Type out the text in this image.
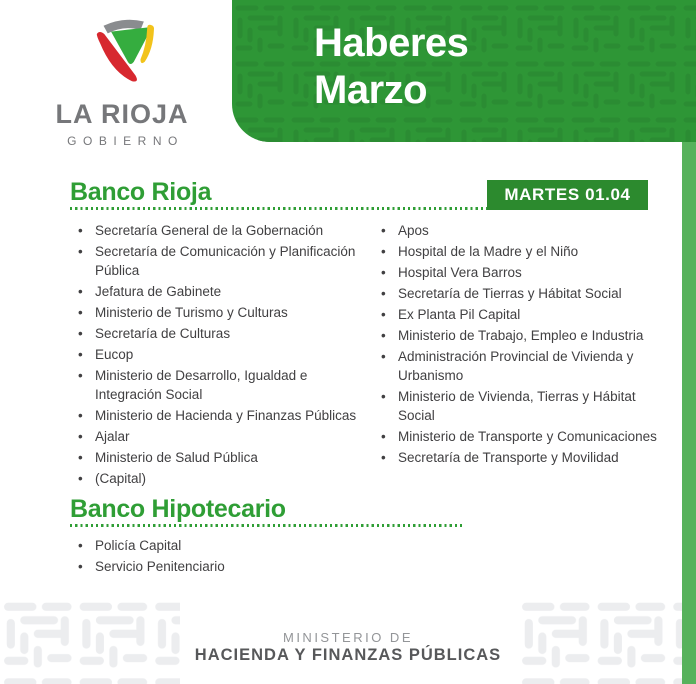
Haberes
Marzo
LA RIOJA
GOBIERNO
Banco Rioja	MARTES 01.04
• Secretaría General de la Gobernación
• Secretaría de Comunicación y Planificación Pública
• Jefatura de Gabinete
• Ministerio de Turismo y Culturas
• Secretaría de Culturas
• Eucop
• Ministerio de Desarrollo, Igualdad e Integración Social
• Ministerio de Hacienda y Finanzas Públicas
• Ajalar
• Ministerio de Salud Pública
• (Capital)
• Apos
• Hospital de la Madre y el Niño
• Hospital Vera Barros
• Secretaría de Tierras y Hábitat Social
• Ex Planta Pil Capital
• Ministerio de Trabajo, Empleo e Industria
• Administración Provincial de Vivienda y Urbanismo
• Ministerio de Vivienda, Tierras y Hábitat Social
• Ministerio de Transporte y Comunicaciones
• Secretaría de Transporte y Movilidad
Banco Hipotecario
• Policía Capital
• Servicio Penitenciario
MINISTERIO DE
HACIENDA Y FINANZAS PÚBLICAS
